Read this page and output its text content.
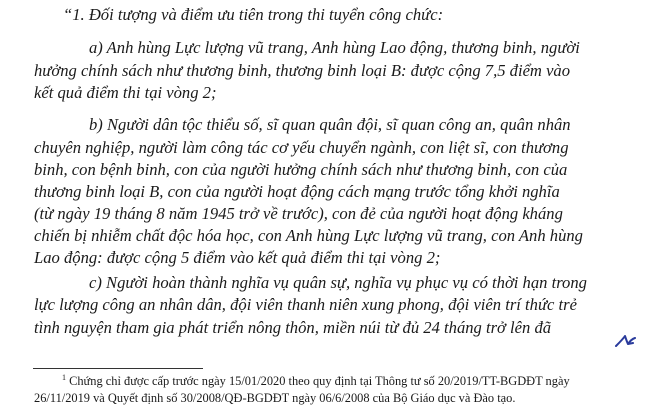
“1. Đối tượng và điểm ưu tiên trong thi tuyển công chức:
a) Anh hùng Lực lượng vũ trang, Anh hùng Lao động, thương binh, người
hưởng chính sách như thương binh, thương binh loại B: được cộng 7,5 điểm vào
kết quả điểm thi tại vòng 2;
b) Người dân tộc thiểu số, sĩ quan quân đội, sĩ quan công an, quân nhân
chuyên nghiệp, người làm công tác cơ yếu chuyển ngành, con liệt sĩ, con thương
binh, con bệnh binh, con của người hưởng chính sách như thương binh, con của
thương binh loại B, con của người hoạt động cách mạng trước tổng khởi nghĩa
(từ ngày 19 tháng 8 năm 1945 trở về trước), con đẻ của người hoạt động kháng
chiến bị nhiễm chất độc hóa học, con Anh hùng Lực lượng vũ trang, con Anh hùng
Lao động: được cộng 5 điểm vào kết quả điểm thi tại vòng 2;
c) Người hoàn thành nghĩa vụ quân sự, nghĩa vụ phục vụ có thời hạn trong
lực lượng công an nhân dân, đội viên thanh niên xung phong, đội viên trí thức trẻ
tình nguyện tham gia phát triển nông thôn, miền núi từ đủ 24 tháng trở lên đã
$^1$ Chứng chỉ được cấp trước ngày 15/01/2020 theo quy định tại Thông tư số 20/2019/TT-BGDĐT ngày
26/11/2019 và Quyết định số 30/2008/QĐ-BGDĐT ngày 06/6/2008 của Bộ Giáo dục và Đào tạo.
